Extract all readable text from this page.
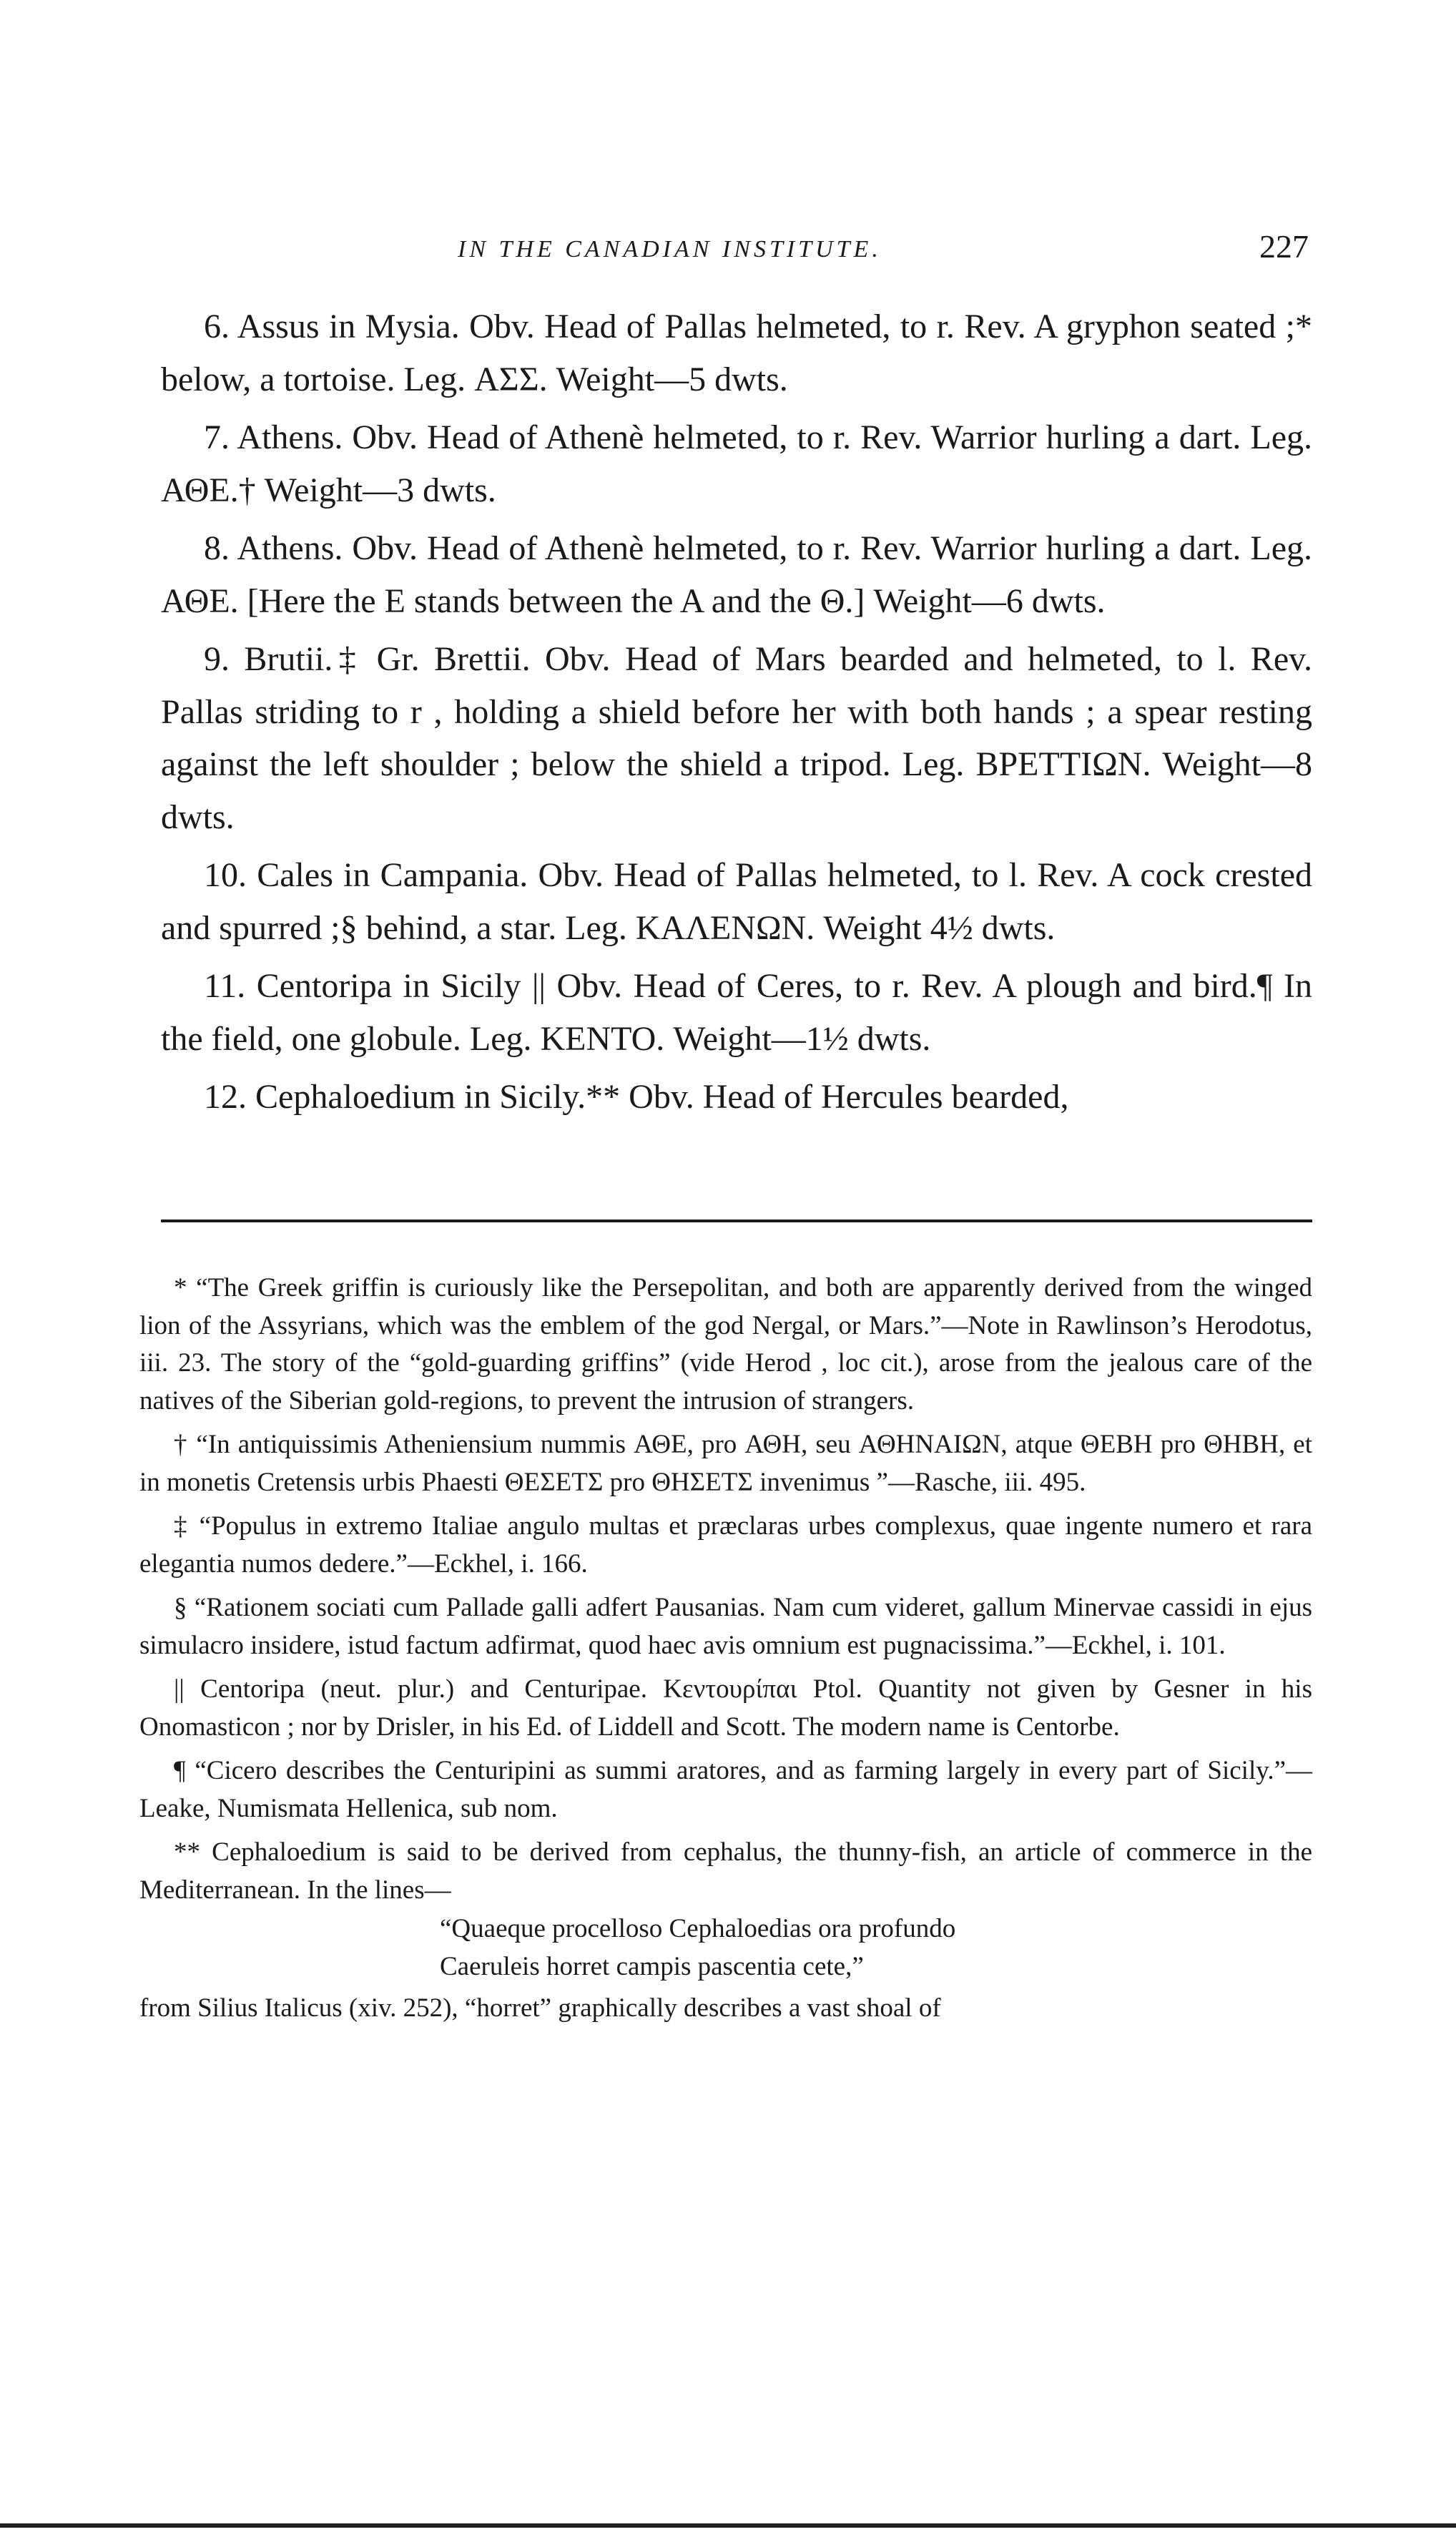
IN THE CANADIAN INSTITUTE.	227

6. Assus in Mysia. Obv. Head of Pallas helmeted, to r. Rev. A gryphon seated ;* below, a tortoise. Leg. ΑΣΣ. Weight—5 dwts.

7. Athens. Obv. Head of Athenè helmeted, to r. Rev. Warrior hurling a dart. Leg. ΑΘΕ.† Weight—3 dwts.

8. Athens. Obv. Head of Athenè helmeted, to r. Rev. Warrior hurling a dart. Leg. ΑΘΕ. [Here the E stands between the A and the Θ.] Weight—6 dwts.

9. Brutii.‡ Gr. Brettii. Obv. Head of Mars bearded and helmeted, to l. Rev. Pallas striding to r , holding a shield before her with both hands ; a spear resting against the left shoulder ; below the shield a tripod. Leg. ΒΡΕΤΤΙΩΝ. Weight—8 dwts.

10. Cales in Campania. Obv. Head of Pallas helmeted, to l. Rev. A cock crested and spurred ;§ behind, a star. Leg. ΚΑΛΕΝΩΝ. Weight 4½ dwts.

11. Centoripa in Sicily || Obv. Head of Ceres, to r. Rev. A plough and bird.¶ In the field, one globule. Leg. ΚΕΝΤΟ. Weight—1½ dwts.

12. Cephaloedium in Sicily.** Obv. Head of Hercules bearded,

* “The Greek griffin is curiously like the Persepolitan, and both are apparently derived from the winged lion of the Assyrians, which was the emblem of the god Nergal, or Mars.”—Note in Rawlinson’s Herodotus, iii. 23. The story of the “gold-guarding griffins” (vide Herod , loc cit.), arose from the jealous care of the natives of the Siberian gold-regions, to prevent the intrusion of strangers.

† “In antiquissimis Atheniensium nummis ΑΘΕ, pro ΑΘΗ, seu ΑΘΗΝΑΙΩΝ, atque ΘΕΒΗ pro ΘΗΒΗ, et in monetis Cretensis urbis Phaesti ΘΕΣΕΤΣ pro ΘΗΣΕΤΣ invenimus ”—Rasche, iii. 495.

‡ “Populus in extremo Italiae angulo multas et præclaras urbes complexus, quae ingente numero et rara elegantia numos dedere.”—Eckhel, i. 166.

§ “Rationem sociati cum Pallade galli adfert Pausanias. Nam cum videret, gallum Minervae cassidi in ejus simulacro insidere, istud factum adfirmat, quod haec avis omnium est pugnacissima.”—Eckhel, i. 101.

|| Centoripa (neut. plur.) and Centuripae. Κεντουρίπαι Ptol. Quantity not given by Gesner in his Onomasticon ; nor by Drisler, in his Ed. of Liddell and Scott. The modern name is Centorbe.

¶ “Cicero describes the Centuripini as summi aratores, and as farming largely in every part of Sicily.”—Leake, Numismata Hellenica, sub nom.

** Cephaloedium is said to be derived from cephalus, the thunny-fish, an article of commerce in the Mediterranean. In the lines—

“Quaeque procelloso Cephaloedias ora profundo

Caeruleis horret campis pascentia cete,”

from Silius Italicus (xiv. 252), “horret” graphically describes a vast shoal of
